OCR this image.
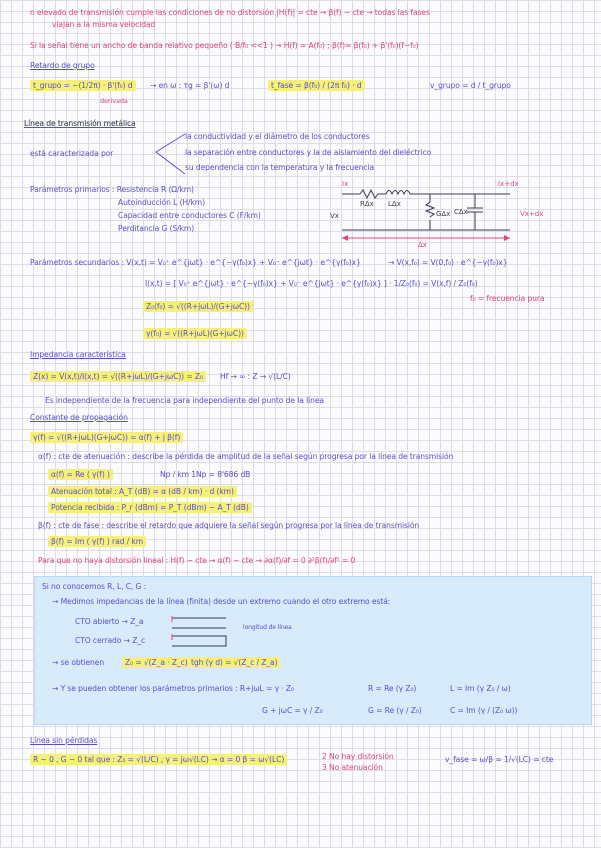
n elevado de transmisión cumple las condiciones de no distorsión |H(f)| = cte → β(f) ~ cte → todas las fases
viajan a la misma velocidad
Si la señal tiene un ancho de banda relativo pequeño ( B/f₀ <<1 ) → H(f) ≈ A(f₀) ; β(f)≈ β(f₀) + β'(f₀)(f−f₀)
Retardo de grupo
t_grupo = −(1/2π) · β'(f₀) d
derivada
→ en ω : τg = β'(ω) d	t_fase = β(f₀) / (2π f₀) · d	v_grupo = d / t_grupo
Línea de transmisión metálica
está caracterizada por
la conductividad y el diámetro de los conductores
la separación entre conductores y la de aislamiento del dieléctrico
su dependencia con la temperatura y la frecuencia
Parámetros primarios : Resistencia R (Ω/km)
Autoinducción L (H/km)
Capacidad entre conductores C (F/km)
Perditancia G (S/km)
Vx	Vx+dx
Ix	Ix+dx
RΔx LΔx
GΔx CΔx
Δx
Parámetros secundarios : V(x,t) = V₀⁺ e^{jωt} · e^{−γ(f₀)x} + V₀⁻ e^{jωt} · e^{γ(f₀)x}	→ V(x,f₀) = V(0,f₀) · e^{−γ(f₀)x}
I(x,t) = [ V₀⁺ e^{jωt} · e^{−γ(f₀)x} + V₀⁻ e^{jωt} · e^{γ(f₀)x} ] · 1/Z₀(f₀) = V(x,f) / Z₀(f₀)
Z₀(f₀) = √((R+jωL)/(G+jωC))
f₀ = frecuencia pura
γ(f₀) = √((R+jωL)(G+jωC))
Impedancia característica
Z(x) = V(x,t)/I(x,t) = √((R+jωL)/(G+jωC)) = Z₀	Hf → ∞ : Z → √(L/C)
Es independiente de la frecuencia para independiente del punto de la línea
Constante de propagación
γ(f) = √((R+jωL)(G+jωC)) = α(f) + j β(f)
α(f) : cte de atenuación : describe la pérdida de amplitud de la señal según progresa por la línea de transmisión
α(f) = Re ( γ(f) )	Np / km 1Np = 8'686 dB
Atenuación total : A_T (dB) = α (dB / km) · d (km)
Potencia recibida : P_r (dBm) = P_T (dBm) − A_T (dB)
β(f) : cte de fase : describe el retardo que adquiere la señal según progresa por la línea de transmisión
β(f) = Im ( γ(f) ) rad / km
Para que no haya distorsión lineal : H(f) ~ cte → α(f) ~ cte → ∂α(f)/∂f = 0 ∂²β(f)/∂f² = 0
Si no conocemos R, L, C, G :
→ Medimos impedancias de la línea (finita) desde un extremo cuando el otro extremo está:
CTO abierto → Z_a
CTO cerrado → Z_c
longitud de línea
→ se obtienen	Z₀ = √(Z_a · Z_c) tgh (γ d) = √(Z_c / Z_a)
→ Y se pueden obtener los parámetros primarios : R+jωL = γ · Z₀	R = Re (γ Z₀)	L = Im (γ Z₀ / ω)
G + jωC = γ / Z₀	G = Re (γ / Z₀)	C = Im (γ / (Z₀ ω))
Línea sin pérdidas
R ~ 0 , G ~ 0 tal que : Z₀ = √(L/C) , γ = jω√(LC) → α = 0 β = ω√(LC)	2 No hay distorsión
3 No atenuación
v_fase = ω/β = 1/√(LC) = cte
